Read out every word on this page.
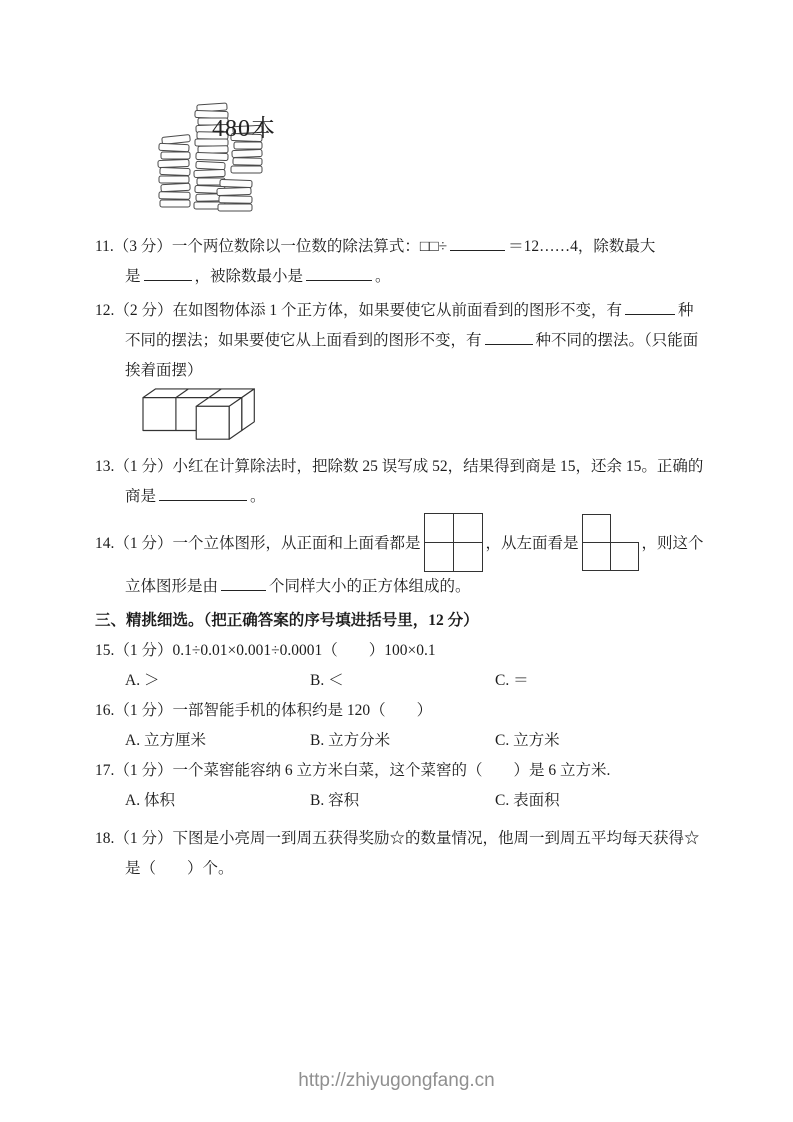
480本
11.（3 分）一个两位数除以一位数的除法算式：□□÷	＝12……4，除数最大
是	，被除数最小是	。
12.（2 分）在如图物体添 1 个正方体，如果要使它从前面看到的图形不变，有	种
不同的摆法；如果要使它从上面看到的图形不变，有	种不同的摆法。（只能面
挨着面摆）
13.（1 分）小红在计算除法时，把除数 25 误写成 52，结果得到商是 15，还余 15。正确的
商是	。
14.（1 分）一个立体图形，从正面和上面看都是	，从左面看是	，则这个
立体图形是由	个同样大小的正方体组成的。
三、精挑细选。（把正确答案的序号填进括号里，12 分）
15.（1 分）0.1÷0.01×0.001÷0.0001（　　）100×0.1
A. ＞	B. ＜	C. ＝
16.（1 分）一部智能手机的体积约是 120（　　）
A. 立方厘米	B. 立方分米	C. 立方米
17.（1 分）一个菜窖能容纳 6 立方米白菜，这个菜窖的（　　）是 6 立方米.
A. 体积	B. 容积	C. 表面积
18.（1 分）下图是小亮周一到周五获得奖励☆的数量情况，他周一到周五平均每天获得☆
是（　　）个。
http://zhiyugongfang.cn
